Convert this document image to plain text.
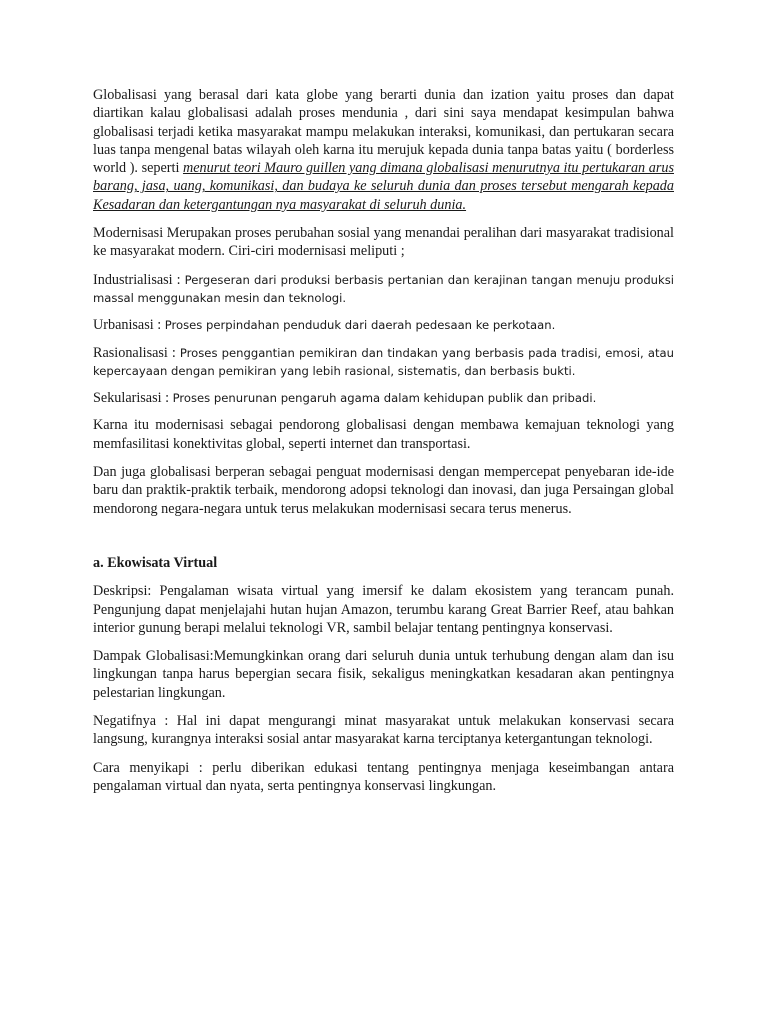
Globalisasi yang berasal dari kata globe yang berarti dunia dan ization yaitu proses dan dapat diartikan kalau globalisasi adalah proses mendunia , dari sini saya mendapat kesimpulan bahwa globalisasi terjadi ketika masyarakat mampu melakukan interaksi, komunikasi, dan pertukaran secara luas tanpa mengenal batas wilayah oleh karna itu merujuk kepada dunia tanpa batas yaitu ( borderless world ). seperti menurut teori Mauro guillen yang dimana globalisasi menurutnya itu pertukaran arus barang, jasa, uang, komunikasi, dan budaya ke seluruh dunia dan proses tersebut mengarah kepada Kesadaran dan ketergantungan nya masyarakat di seluruh dunia.

Modernisasi Merupakan proses perubahan sosial yang menandai peralihan dari masyarakat tradisional ke masyarakat modern. Ciri-ciri modernisasi meliputi ;

Industrialisasi : Pergeseran dari produksi berbasis pertanian dan kerajinan tangan menuju produksi massal menggunakan mesin dan teknologi.

Urbanisasi : Proses perpindahan penduduk dari daerah pedesaan ke perkotaan.

Rasionalisasi : Proses penggantian pemikiran dan tindakan yang berbasis pada tradisi, emosi, atau kepercayaan dengan pemikiran yang lebih rasional, sistematis, dan berbasis bukti.

Sekularisasi : Proses penurunan pengaruh agama dalam kehidupan publik dan pribadi.

Karna itu modernisasi sebagai pendorong globalisasi dengan membawa kemajuan teknologi yang memfasilitasi konektivitas global, seperti internet dan transportasi.

Dan juga globalisasi berperan sebagai penguat modernisasi dengan mempercepat penyebaran ide-ide baru dan praktik-praktik terbaik, mendorong adopsi teknologi dan inovasi, dan juga Persaingan global mendorong negara-negara untuk terus melakukan modernisasi secara terus menerus.

a. Ekowisata Virtual

Deskripsi: Pengalaman wisata virtual yang imersif ke dalam ekosistem yang terancam punah. Pengunjung dapat menjelajahi hutan hujan Amazon, terumbu karang Great Barrier Reef, atau bahkan interior gunung berapi melalui teknologi VR, sambil belajar tentang pentingnya konservasi.

Dampak Globalisasi:Memungkinkan orang dari seluruh dunia untuk terhubung dengan alam dan isu lingkungan tanpa harus bepergian secara fisik, sekaligus meningkatkan kesadaran akan pentingnya pelestarian lingkungan.

Negatifnya : Hal ini dapat mengurangi minat masyarakat untuk melakukan konservasi secara langsung, kurangnya interaksi sosial antar masyarakat karna terciptanya ketergantungan teknologi.

Cara menyikapi : perlu diberikan edukasi tentang pentingnya menjaga keseimbangan antara pengalaman virtual dan nyata, serta pentingnya konservasi lingkungan.
